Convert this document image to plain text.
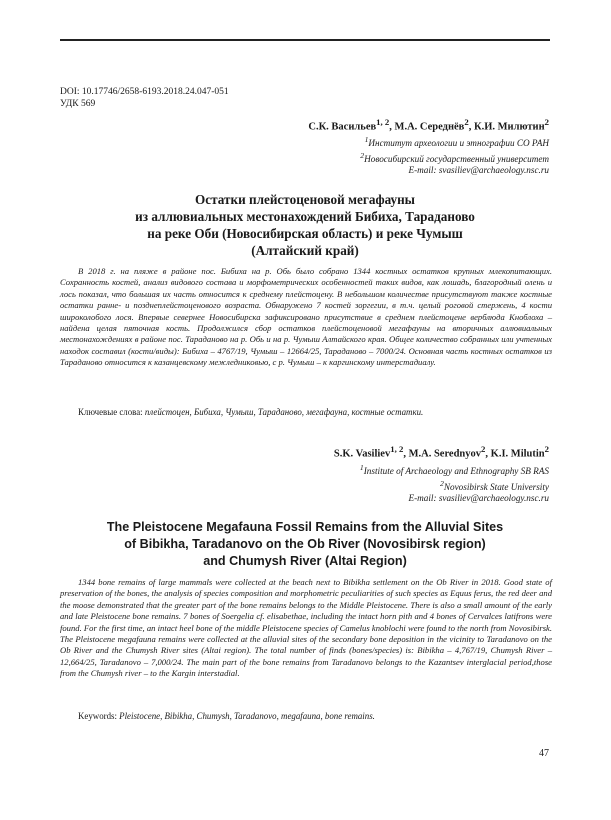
DOI: 10.17746/2658-6193.2018.24.047-051
УДК 569
С.К. Васильев$^{1, 2}$, М.А. Середнёв$^2$, К.И. Милютин$^2$
$^1$Институт археологии и этнографии СО РАН
$^2$Новосибирский государственный университет
E-mail: svasiliev@archaeology.nsc.ru
Остатки плейстоценовой мегафауны
из аллювиальных местонахождений Бибиха, Тараданово
на реке Оби (Новосибирская область) и реке Чумыш
(Алтайский край)
В 2018 г. на пляже в районе пос. Бибиха на р. Обь было собрано 1344 костных остатков крупных млекопитающих. Сохранность костей, анализ видового состава и морфометрических особенностей таких видов, как лошадь, благородный олень и лось показал, что большая их часть относится к среднему плейстоцену. В небольшом количестве присутствуют также костные остатки ранне- и позднеплейстоценового возраста. Обнаружено 7 костей зоргегии, в т.ч. целый роговой стержень, 4 кости широколобого лося. Впервые севернее Новосибирска зафиксировано присутствие в среднем плейстоцене верблюда Кноблоха – найдена целая пяточная кость. Продолжился сбор остатков плейстоценовой мегафауны на вторичных аллювиальных местонахождениях в районе пос. Тараданово на р. Обь и на р. Чумыш Алтайского края. Общее количество собранных или учтенных находок составил (кости/виды): Бибиха – 4767/19, Чумыш – 12664/25, Тараданово – 7000/24. Основная часть костных остатков из Тараданово относится к казанцевскому межледниковью, с р. Чумыш – к каргинскому интерстадиалу.
Ключевые слова: плейстоцен, Бибиха, Чумыш, Тараданово, мегафауна, костные остатки.
S.K. Vasiliev$^{1, 2}$, M.A. Serednyov$^2$, K.I. Milutin$^2$
$^1$Institute of Archaeology and Ethnography SB RAS
$^2$Novosibirsk State University
E-mail: svasiliev@archaeology.nsc.ru
The Pleistocene Megafauna Fossil Remains from the Alluvial Sites
of Bibikha, Taradanovo on the Ob River (Novosibirsk region)
and Chumysh River (Altai Region)
1344 bone remains of large mammals were collected at the beach next to Bibikha settlement on the Ob River in 2018. Good state of preservation of the bones, the analysis of species composition and morphometric peculiarities of such species as Equus ferus, the red deer and the moose demonstrated that the greater part of the bone remains belongs to the Middle Pleistocene. There is also a small amount of the early and late Pleistocene bone remains. 7 bones of Soergelia cf. elisabethae, including the intact horn pith and 4 bones of Cervalces latifrons were found. For the first time, an intact heel bone of the middle Pleistocene species of Camelus knoblochi were found to the north from Novosibirsk. The Pleistocene megafauna remains were collected at the alluvial sites of the secondary bone deposition in the vicinity to Taradanovo on the Ob River and the Chumysh River sites (Altai region). The total number of finds (bones/species) is: Bibikha – 4,767/19, Chumysh River – 12,664/25, Taradanovo – 7,000/24. The main part of the bone remains from Taradanovo belongs to the Kazantsev interglacial period,those from the Chumysh river – to the Kargin interstadial.
Keywords: Pleistocene, Bibikha, Chumysh, Taradanovo, megafauna, bone remains.
47
